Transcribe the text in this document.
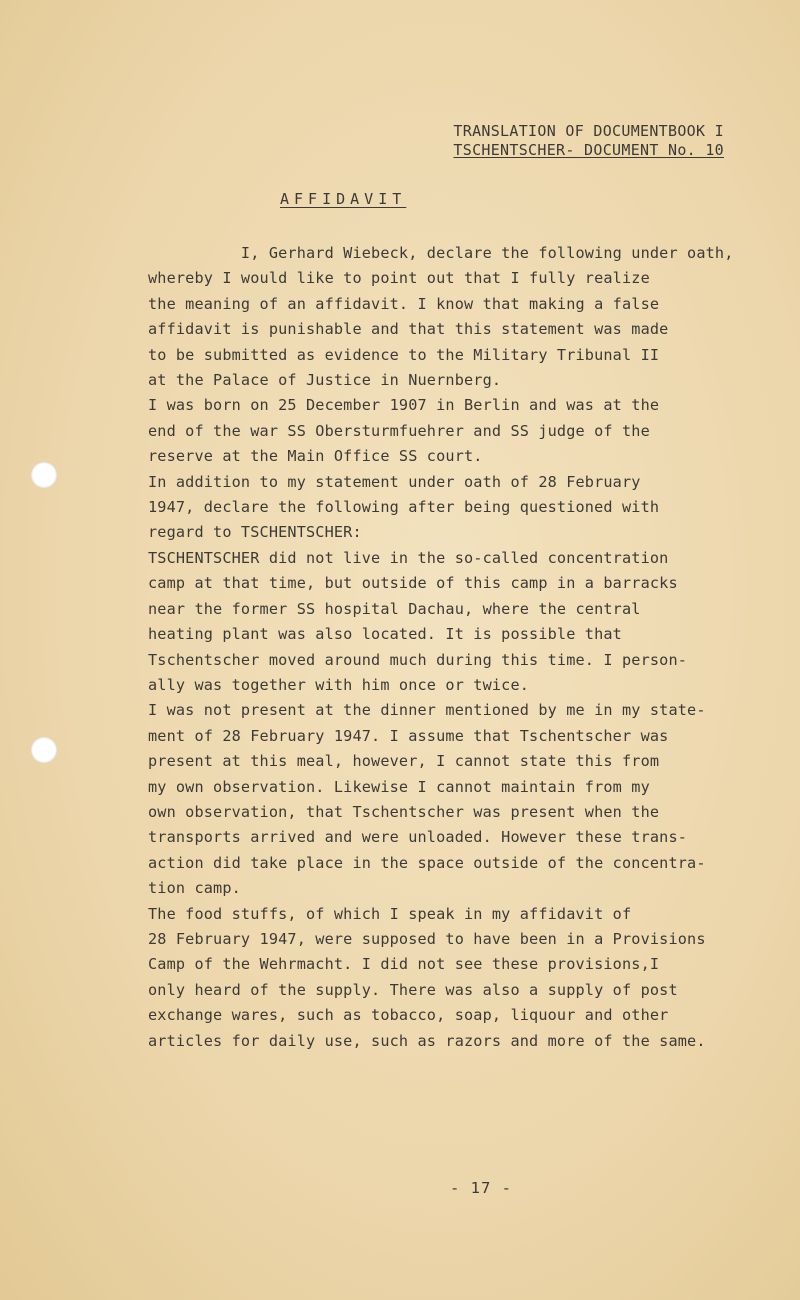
TRANSLATION OF DOCUMENTBOOK I
TSCHENTSCHER- DOCUMENT No. 10
AFFIDAVIT
I, Gerhard Wiebeck, declare the following under oath,
whereby I would like to point out that I fully realize
the meaning of an affidavit. I know that making a false
affidavit is punishable and that this statement was made
to be submitted as evidence to the Military Tribunal II
at the Palace of Justice in Nuernberg.
I was born on 25 December 1907 in Berlin and was at the
end of the war SS Obersturmfuehrer and SS judge of the
reserve at the Main Office SS court.
In addition to my statement under oath of 28 February
1947, declare the following after being questioned with
regard to TSCHENTSCHER:
TSCHENTSCHER did not live in the so-called concentration
camp at that time, but outside of this camp in a barracks
near the former SS hospital Dachau, where the central
heating plant was also located. It is possible that
Tschentscher moved around much during this time. I person-
ally was together with him once or twice.
I was not present at the dinner mentioned by me in my state-
ment of 28 February 1947. I assume that Tschentscher was
present at this meal, however, I cannot state this from
my own observation. Likewise I cannot maintain from my
own observation, that Tschentscher was present when the
transports arrived and were unloaded. However these trans-
action did take place in the space outside of the concentra-
tion camp.
The food stuffs, of which I speak in my affidavit of
28 February 1947, were supposed to have been in a Provisions
Camp of the Wehrmacht. I did not see these provisions,I
only heard of the supply. There was also a supply of post
exchange wares, such as tobacco, soap, liquour and other
articles for daily use, such as razors and more of the same.
- 17 -
